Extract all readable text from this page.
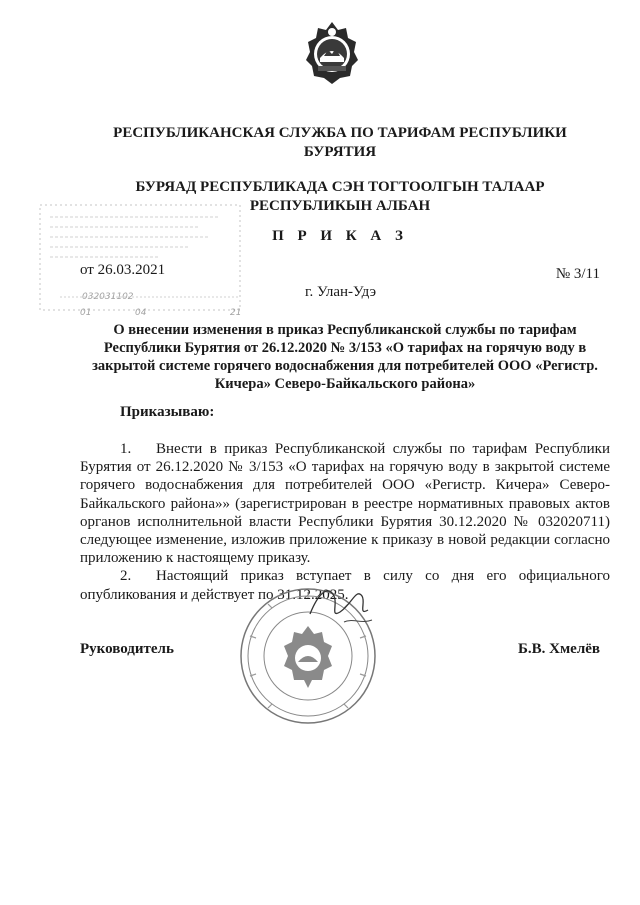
РЕСПУБЛИКАНСКАЯ СЛУЖБА ПО ТАРИФАМ РЕСПУБЛИКИ БУРЯТИЯ
БУРЯАД РЕСПУБЛИКАДА СЭН ТОГТООЛГЫН ТАЛААР РЕСПУБЛИКЫН АЛБАН
П Р И К А З
032031102
01	04	21
от 26.03.2021	№ 3/11
г. Улан-Удэ
О внесении изменения в приказ Республиканской службы по тарифам Республики Бурятия от 26.12.2020 № 3/153 «О тарифах на горячую воду в закрытой системе горячего водоснабжения для потребителей ООО «Регистр. Кичера» Северо-Байкальского района»
Приказываю:

1. Внести в приказ Республиканской службы по тарифам Республики Бурятия от 26.12.2020 № 3/153 «О тарифах на горячую воду в закрытой системе горячего водоснабжения для потребителей ООО «Регистр. Кичера» Северо-Байкальского района»» (зарегистрирован в реестре нормативных правовых актов органов исполнительной власти Республики Бурятия 30.12.2020 № 032020711) следующее изменение, изложив приложение к приказу в новой редакции согласно приложению к настоящему приказу.

2. Настоящий приказ вступает в силу со дня его официального опубликования и действует по 31.12.2025.

Руководитель	Б.В. Хмелёв
